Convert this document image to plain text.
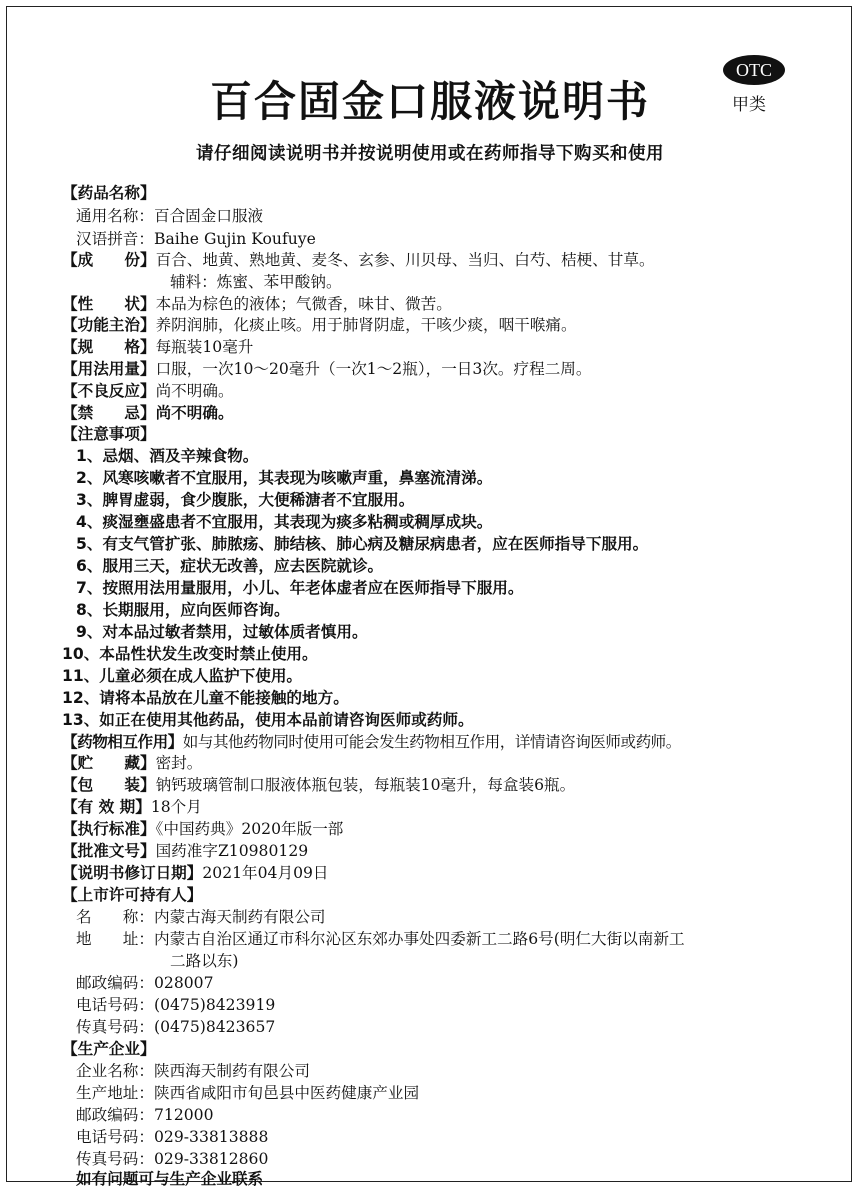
百合固金口服液说明书
OTC
甲类
请仔细阅读说明书并按说明使用或在药师指导下购买和使用
【药品名称】
通用名称：百合固金口服液
汉语拼音：Baihe Gujin Koufuye
【成　　份】百合、地黄、熟地黄、麦冬、玄参、川贝母、当归、白芍、桔梗、甘草。
辅料：炼蜜、苯甲酸钠。
【性　　状】本品为棕色的液体；气微香，味甘、微苦。
【功能主治】养阴润肺，化痰止咳。用于肺肾阴虚，干咳少痰，咽干喉痛。
【规　　格】每瓶装10毫升
【用法用量】口服，一次10～20毫升（一次1～2瓶），一日3次。疗程二周。
【不良反应】尚不明确。
【禁　　忌】尚不明确。
【注意事项】
1、忌烟、酒及辛辣食物。
2、风寒咳嗽者不宜服用，其表现为咳嗽声重，鼻塞流清涕。
3、脾胃虚弱，食少腹胀，大便稀溏者不宜服用。
4、痰湿壅盛患者不宜服用，其表现为痰多粘稠或稠厚成块。
5、有支气管扩张、肺脓疡、肺结核、肺心病及糖尿病患者，应在医师指导下服用。
6、服用三天，症状无改善，应去医院就诊。
7、按照用法用量服用，小儿、年老体虚者应在医师指导下服用。
8、长期服用，应向医师咨询。
9、对本品过敏者禁用，过敏体质者慎用。
10、本品性状发生改变时禁止使用。
11、儿童必须在成人监护下使用。
12、请将本品放在儿童不能接触的地方。
13、如正在使用其他药品，使用本品前请咨询医师或药师。
【药物相互作用】如与其他药物同时使用可能会发生药物相互作用，详情请咨询医师或药师。
【贮　　藏】密封。
【包　　装】钠钙玻璃管制口服液体瓶包装，每瓶装10毫升，每盒装6瓶。
【有 效 期】18个月
【执行标准】《中国药典》2020年版一部
【批准文号】国药准字Z10980129
【说明书修订日期】2021年04月09日
【上市许可持有人】
名　　称：内蒙古海天制药有限公司
地　　址：内蒙古自治区通辽市科尔沁区东郊办事处四委新工二路6号(明仁大街以南新工
二路以东)
邮政编码：028007
电话号码：(0475)8423919
传真号码：(0475)8423657
【生产企业】
企业名称：陕西海天制药有限公司
生产地址：陕西省咸阳市旬邑县中医药健康产业园
邮政编码：712000
电话号码：029-33813888
传真号码：029-33812860
如有问题可与生产企业联系
